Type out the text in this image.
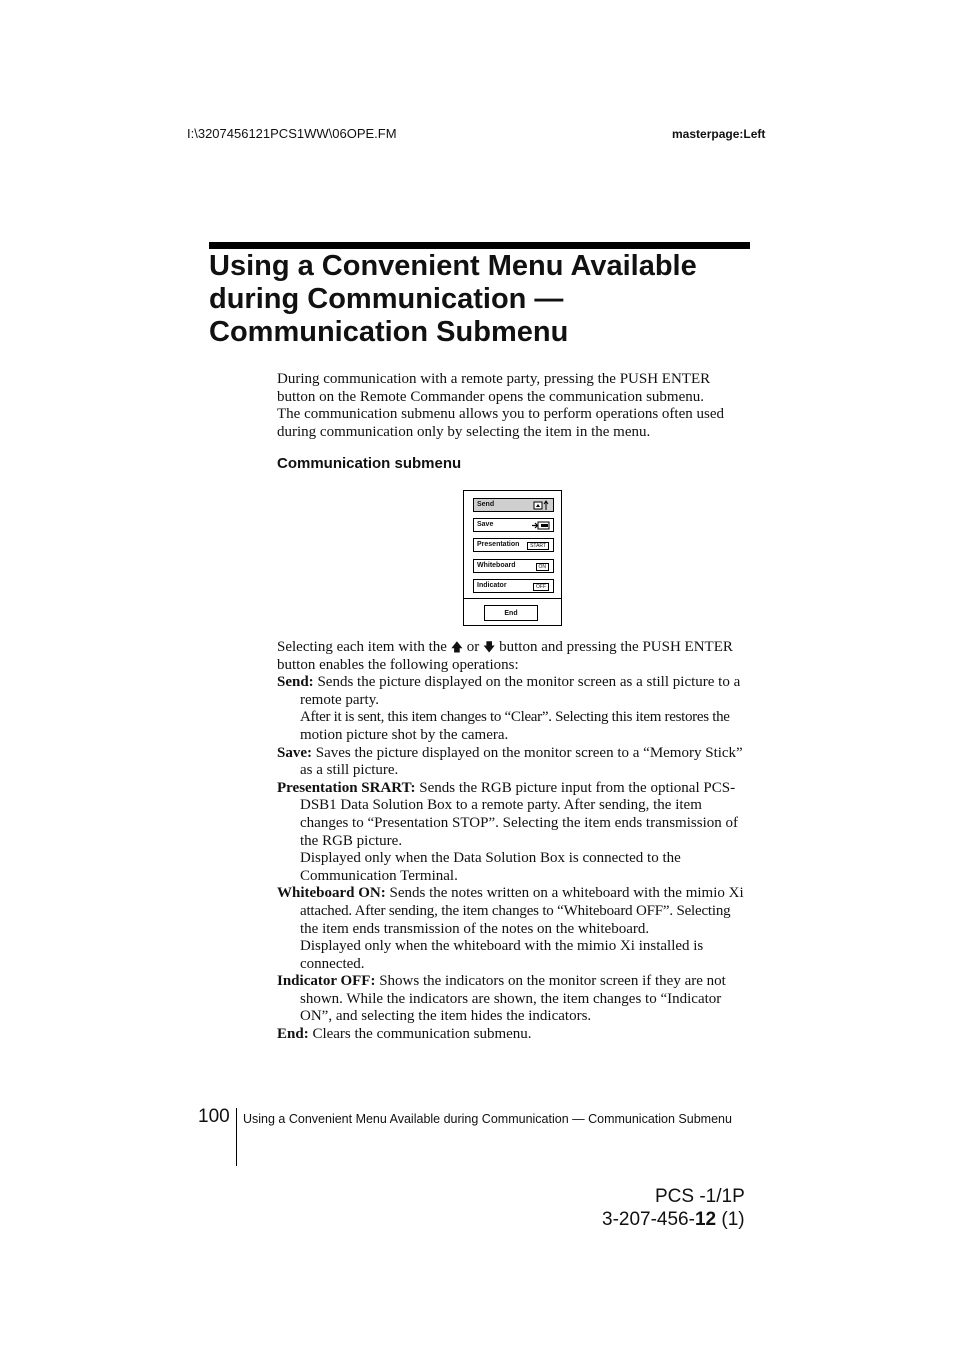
I:\3207456121PCS1WW\06OPE.FM	masterpage:Left
Using a Convenient Menu Available
during Communication —
Communication Submenu

During communication with a remote party, pressing the PUSH ENTER

button on the Remote Commander opens the communication submenu.

The communication submenu allows you to perform operations often used

during communication only by selecting the item in the menu.

Communication submenu
Send
Save
Presentation	START
Whiteboard	ON
Indicator	OFF
End

Selecting each item with the 🡅 or 🡇 button and pressing the PUSH ENTER

button enables the following operations:

Send: Sends the picture displayed on the monitor screen as a still picture to a
remote party.
After it is sent, this item changes to “Clear”. Selecting this item restores the
motion picture shot by the camera.
Save: Saves the picture displayed on the monitor screen to a “Memory Stick”
as a still picture.
Presentation SRART: Sends the RGB picture input from the optional PCS-
DSB1 Data Solution Box to a remote party. After sending, the item
changes to “Presentation STOP”. Selecting the item ends transmission of
the RGB picture.
Displayed only when the Data Solution Box is connected to the
Communication Terminal.
Whiteboard ON: Sends the notes written on a whiteboard with the mimio Xi
attached. After sending, the item changes to “Whiteboard OFF”. Selecting
the item ends transmission of the notes on the whiteboard.
Displayed only when the whiteboard with the mimio Xi installed is
connected.
Indicator OFF: Shows the indicators on the monitor screen if they are not
shown. While the indicators are shown, the item changes to “Indicator
ON”, and selecting the item hides the indicators.
End: Clears the communication submenu.
100 Using a Convenient Menu Available during Communication — Communication Submenu
PCS -1/1P
3-207-456-12 (1)
